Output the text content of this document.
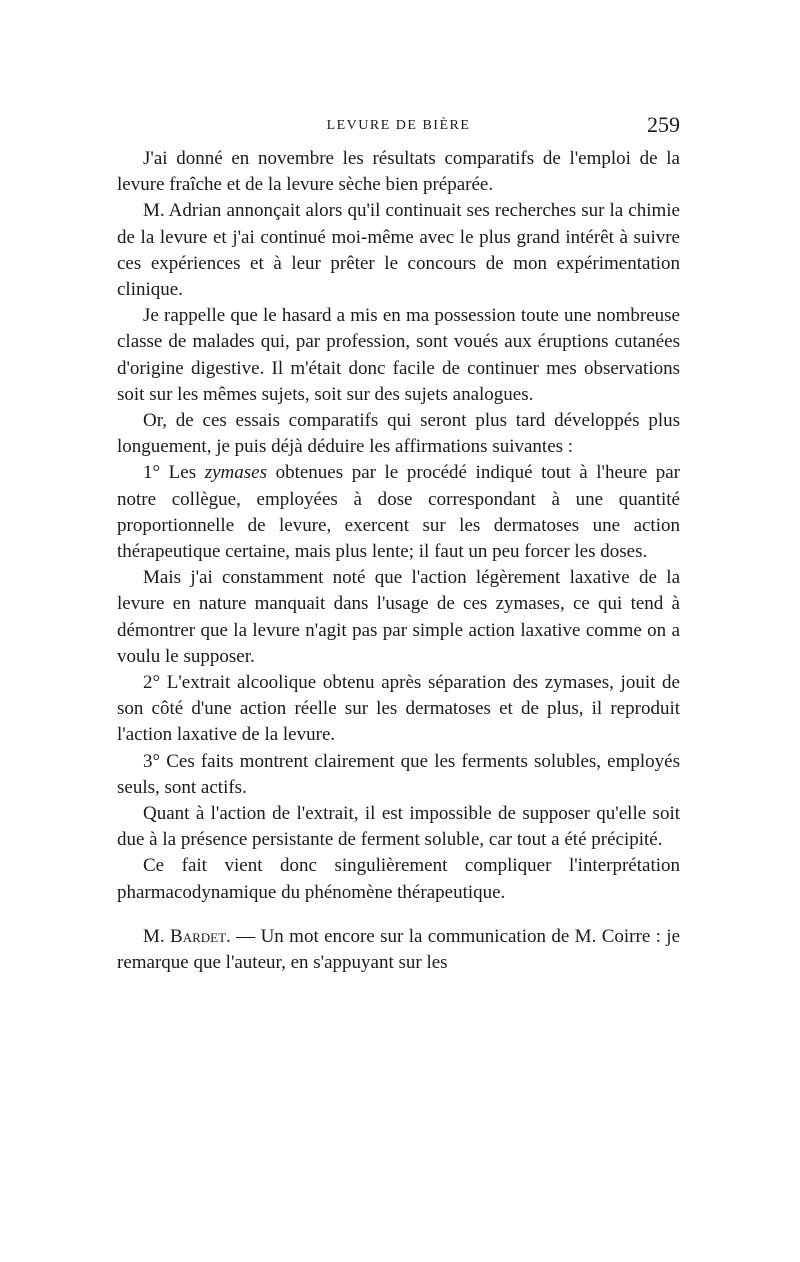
LEVURE DE BIÈRE	259

J'ai donné en novembre les résultats comparatifs de l'emploi de la levure fraîche et de la levure sèche bien préparée.

M. Adrian annonçait alors qu'il continuait ses recherches sur la chimie de la levure et j'ai continué moi-même avec le plus grand intérêt à suivre ces expériences et à leur prêter le concours de mon expérimentation clinique.

Je rappelle que le hasard a mis en ma possession toute une nombreuse classe de malades qui, par profession, sont voués aux éruptions cutanées d'origine digestive. Il m'était donc facile de continuer mes observations soit sur les mêmes sujets, soit sur des sujets analogues.

Or, de ces essais comparatifs qui seront plus tard développés plus longuement, je puis déjà déduire les affirmations suivantes :

1° Les zymases obtenues par le procédé indiqué tout à l'heure par notre collègue, employées à dose correspondant à une quantité proportionnelle de levure, exercent sur les dermatoses une action thérapeutique certaine, mais plus lente; il faut un peu forcer les doses.

Mais j'ai constamment noté que l'action légèrement laxative de la levure en nature manquait dans l'usage de ces zymases, ce qui tend à démontrer que la levure n'agit pas par simple action laxative comme on a voulu le supposer.

2° L'extrait alcoolique obtenu après séparation des zymases, jouit de son côté d'une action réelle sur les dermatoses et de plus, il reproduit l'action laxative de la levure.

3° Ces faits montrent clairement que les ferments solubles, employés seuls, sont actifs.

Quant à l'action de l'extrait, il est impossible de supposer qu'elle soit due à la présence persistante de ferment soluble, car tout a été précipité.

Ce fait vient donc singulièrement compliquer l'interprétation pharmacodynamique du phénomène thérapeutique.

M. Bardet. — Un mot encore sur la communication de M. Coirre : je remarque que l'auteur, en s'appuyant sur les
